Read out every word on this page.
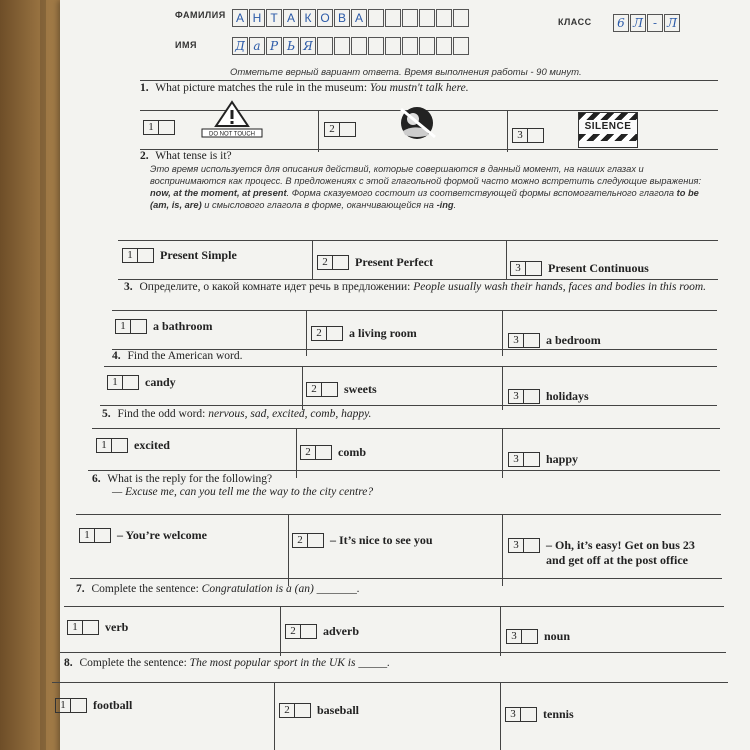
ФАМИЛИЯ А Н Т А К О В А	КЛАСС	6 Л - Л
ИМЯ	Д а Р Ь Я
Отметьте верный вариант ответа. Время выполнения работы - 90 минут.
1. What picture matches the rule in the museum: You mustn't talk here.
1
DO NOT TOUCH	2	3
SILENCE
2. What tense is it?
Это время используется для описания действий, которые совершаются в данный момент, на наших глазах и воспринимаются как процесс. В предложениях с этой глагольной формой часто можно встретить следующие выражения: now, at the moment, at present. Форма сказуемого состоит из соответствующей формы вспомогательного глагола to be (am, is, are) и смыслового глагола в форме, оканчивающейся на -ing.
1	Present Simple	2	Present Perfect	3	Present Continuous
3. Определите, о какой комнате идет речь в предложении: People usually wash their hands, faces and bodies in this room.
1	a bathroom	2	a living room	3	a bedroom
4. Find the American word.
1	candy	2	sweets	3	holidays
5. Find the odd word: nervous, sad, excited, comb, happy.
1	excited	2	comb	3	happy
6. What is the reply for the following?
— Excuse me, can you tell me the way to the city centre?
1	– You’re welcome	2	– It’s nice to see you	3	– Oh, it’s easy! Get on bus 23 and get off at the post office
7. Complete the sentence: Congratulation is a (an) _______.
1	verb	2	adverb	3	noun
8. Complete the sentence: The most popular sport in the UK is _____.
1	football	2	baseball	3	tennis
